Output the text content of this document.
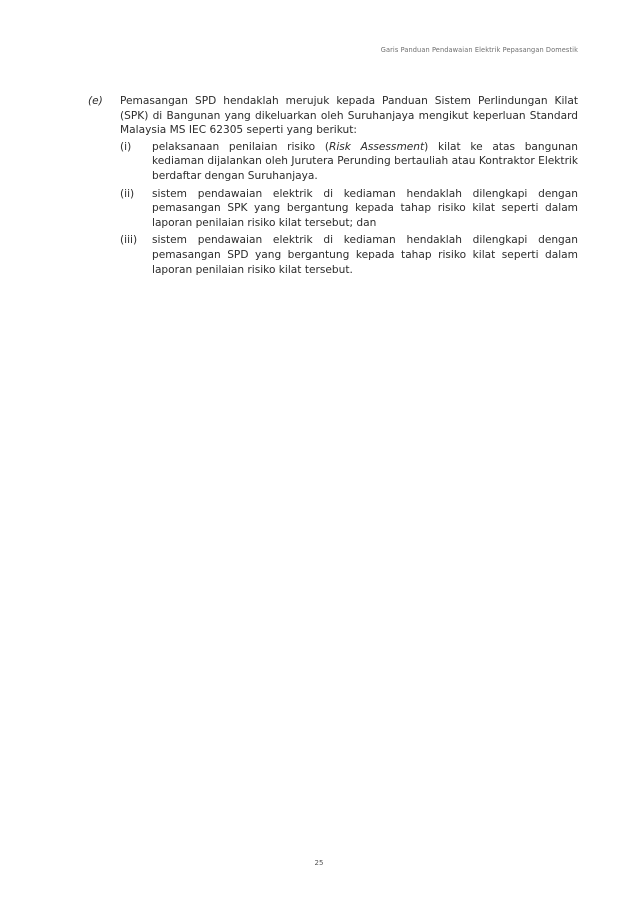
Garis Panduan Pendawaian Elektrik Pepasangan Domestik
(e)	Pemasangan SPD hendaklah merujuk kepada Panduan Sistem Perlindungan Kilat (SPK) di Bangunan yang dikeluarkan oleh Suruhanjaya mengikut keperluan Standard Malaysia MS IEC 62305 seperti yang berikut:
(i)	pelaksanaan penilaian risiko (Risk Assessment) kilat ke atas bangunan kediaman dijalankan oleh Jurutera Perunding bertauliah atau Kontraktor Elektrik berdaftar dengan Suruhanjaya.
(ii)	sistem pendawaian elektrik di kediaman hendaklah dilengkapi dengan pemasangan SPK yang bergantung kepada tahap risiko kilat seperti dalam laporan penilaian risiko kilat tersebut; dan
(iii)	sistem pendawaian elektrik di kediaman hendaklah dilengkapi dengan pemasangan SPD yang bergantung kepada tahap risiko kilat seperti dalam laporan penilaian risiko kilat tersebut.
25
